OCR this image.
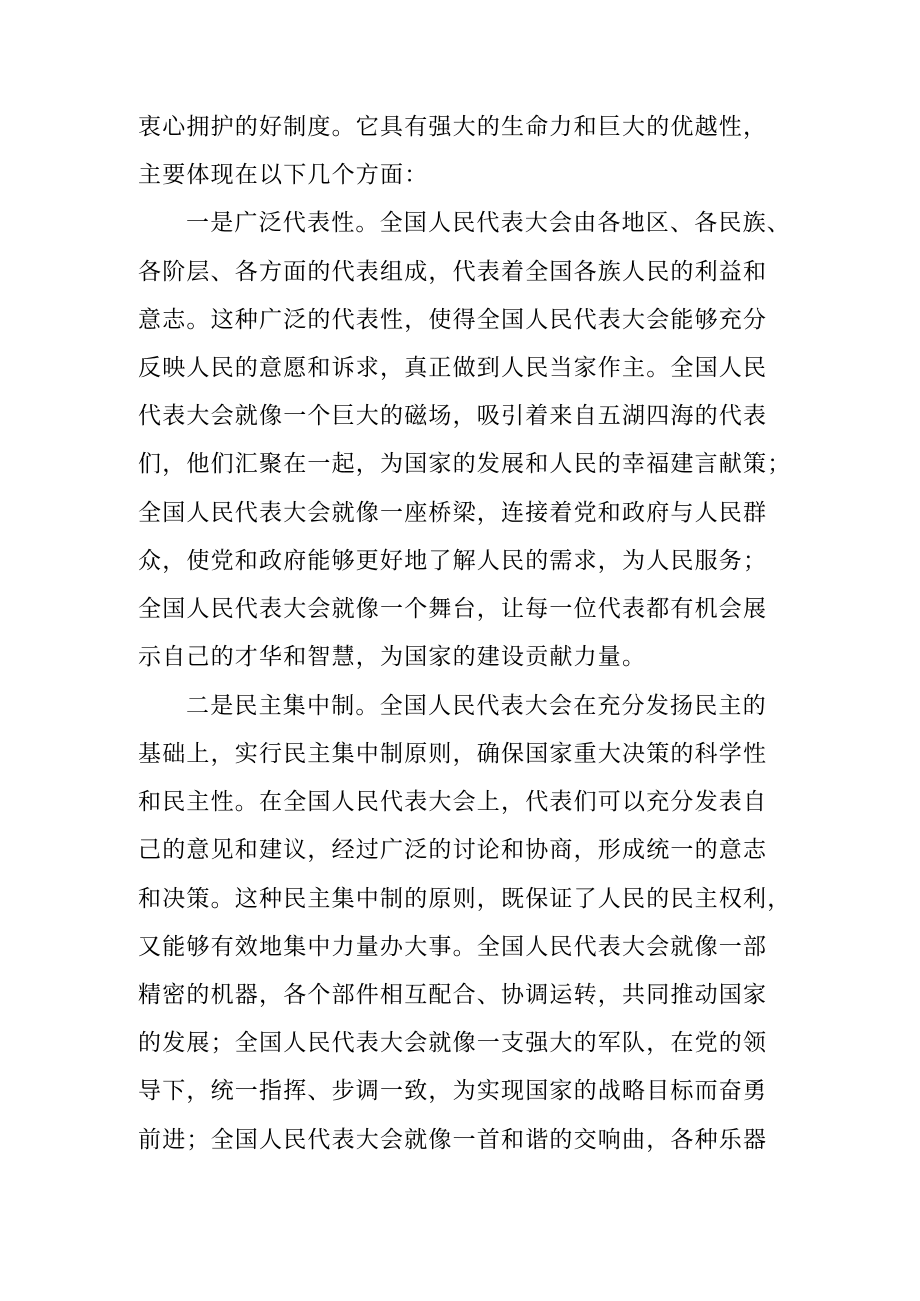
衷心拥护的好制度。它具有强大的生命力和巨大的优越性，
主要体现在以下几个方面：
一是广泛代表性。全国人民代表大会由各地区、各民族、
各阶层、各方面的代表组成，代表着全国各族人民的利益和
意志。这种广泛的代表性，使得全国人民代表大会能够充分
反映人民的意愿和诉求，真正做到人民当家作主。全国人民
代表大会就像一个巨大的磁场，吸引着来自五湖四海的代表
们，他们汇聚在一起，为国家的发展和人民的幸福建言献策；
全国人民代表大会就像一座桥梁，连接着党和政府与人民群
众，使党和政府能够更好地了解人民的需求，为人民服务；
全国人民代表大会就像一个舞台，让每一位代表都有机会展
示自己的才华和智慧，为国家的建设贡献力量。
二是民主集中制。全国人民代表大会在充分发扬民主的
基础上，实行民主集中制原则，确保国家重大决策的科学性
和民主性。在全国人民代表大会上，代表们可以充分发表自
己的意见和建议，经过广泛的讨论和协商，形成统一的意志
和决策。这种民主集中制的原则，既保证了人民的民主权利，
又能够有效地集中力量办大事。全国人民代表大会就像一部
精密的机器，各个部件相互配合、协调运转，共同推动国家
的发展；全国人民代表大会就像一支强大的军队，在党的领
导下，统一指挥、步调一致，为实现国家的战略目标而奋勇
前进；全国人民代表大会就像一首和谐的交响曲，各种乐器
